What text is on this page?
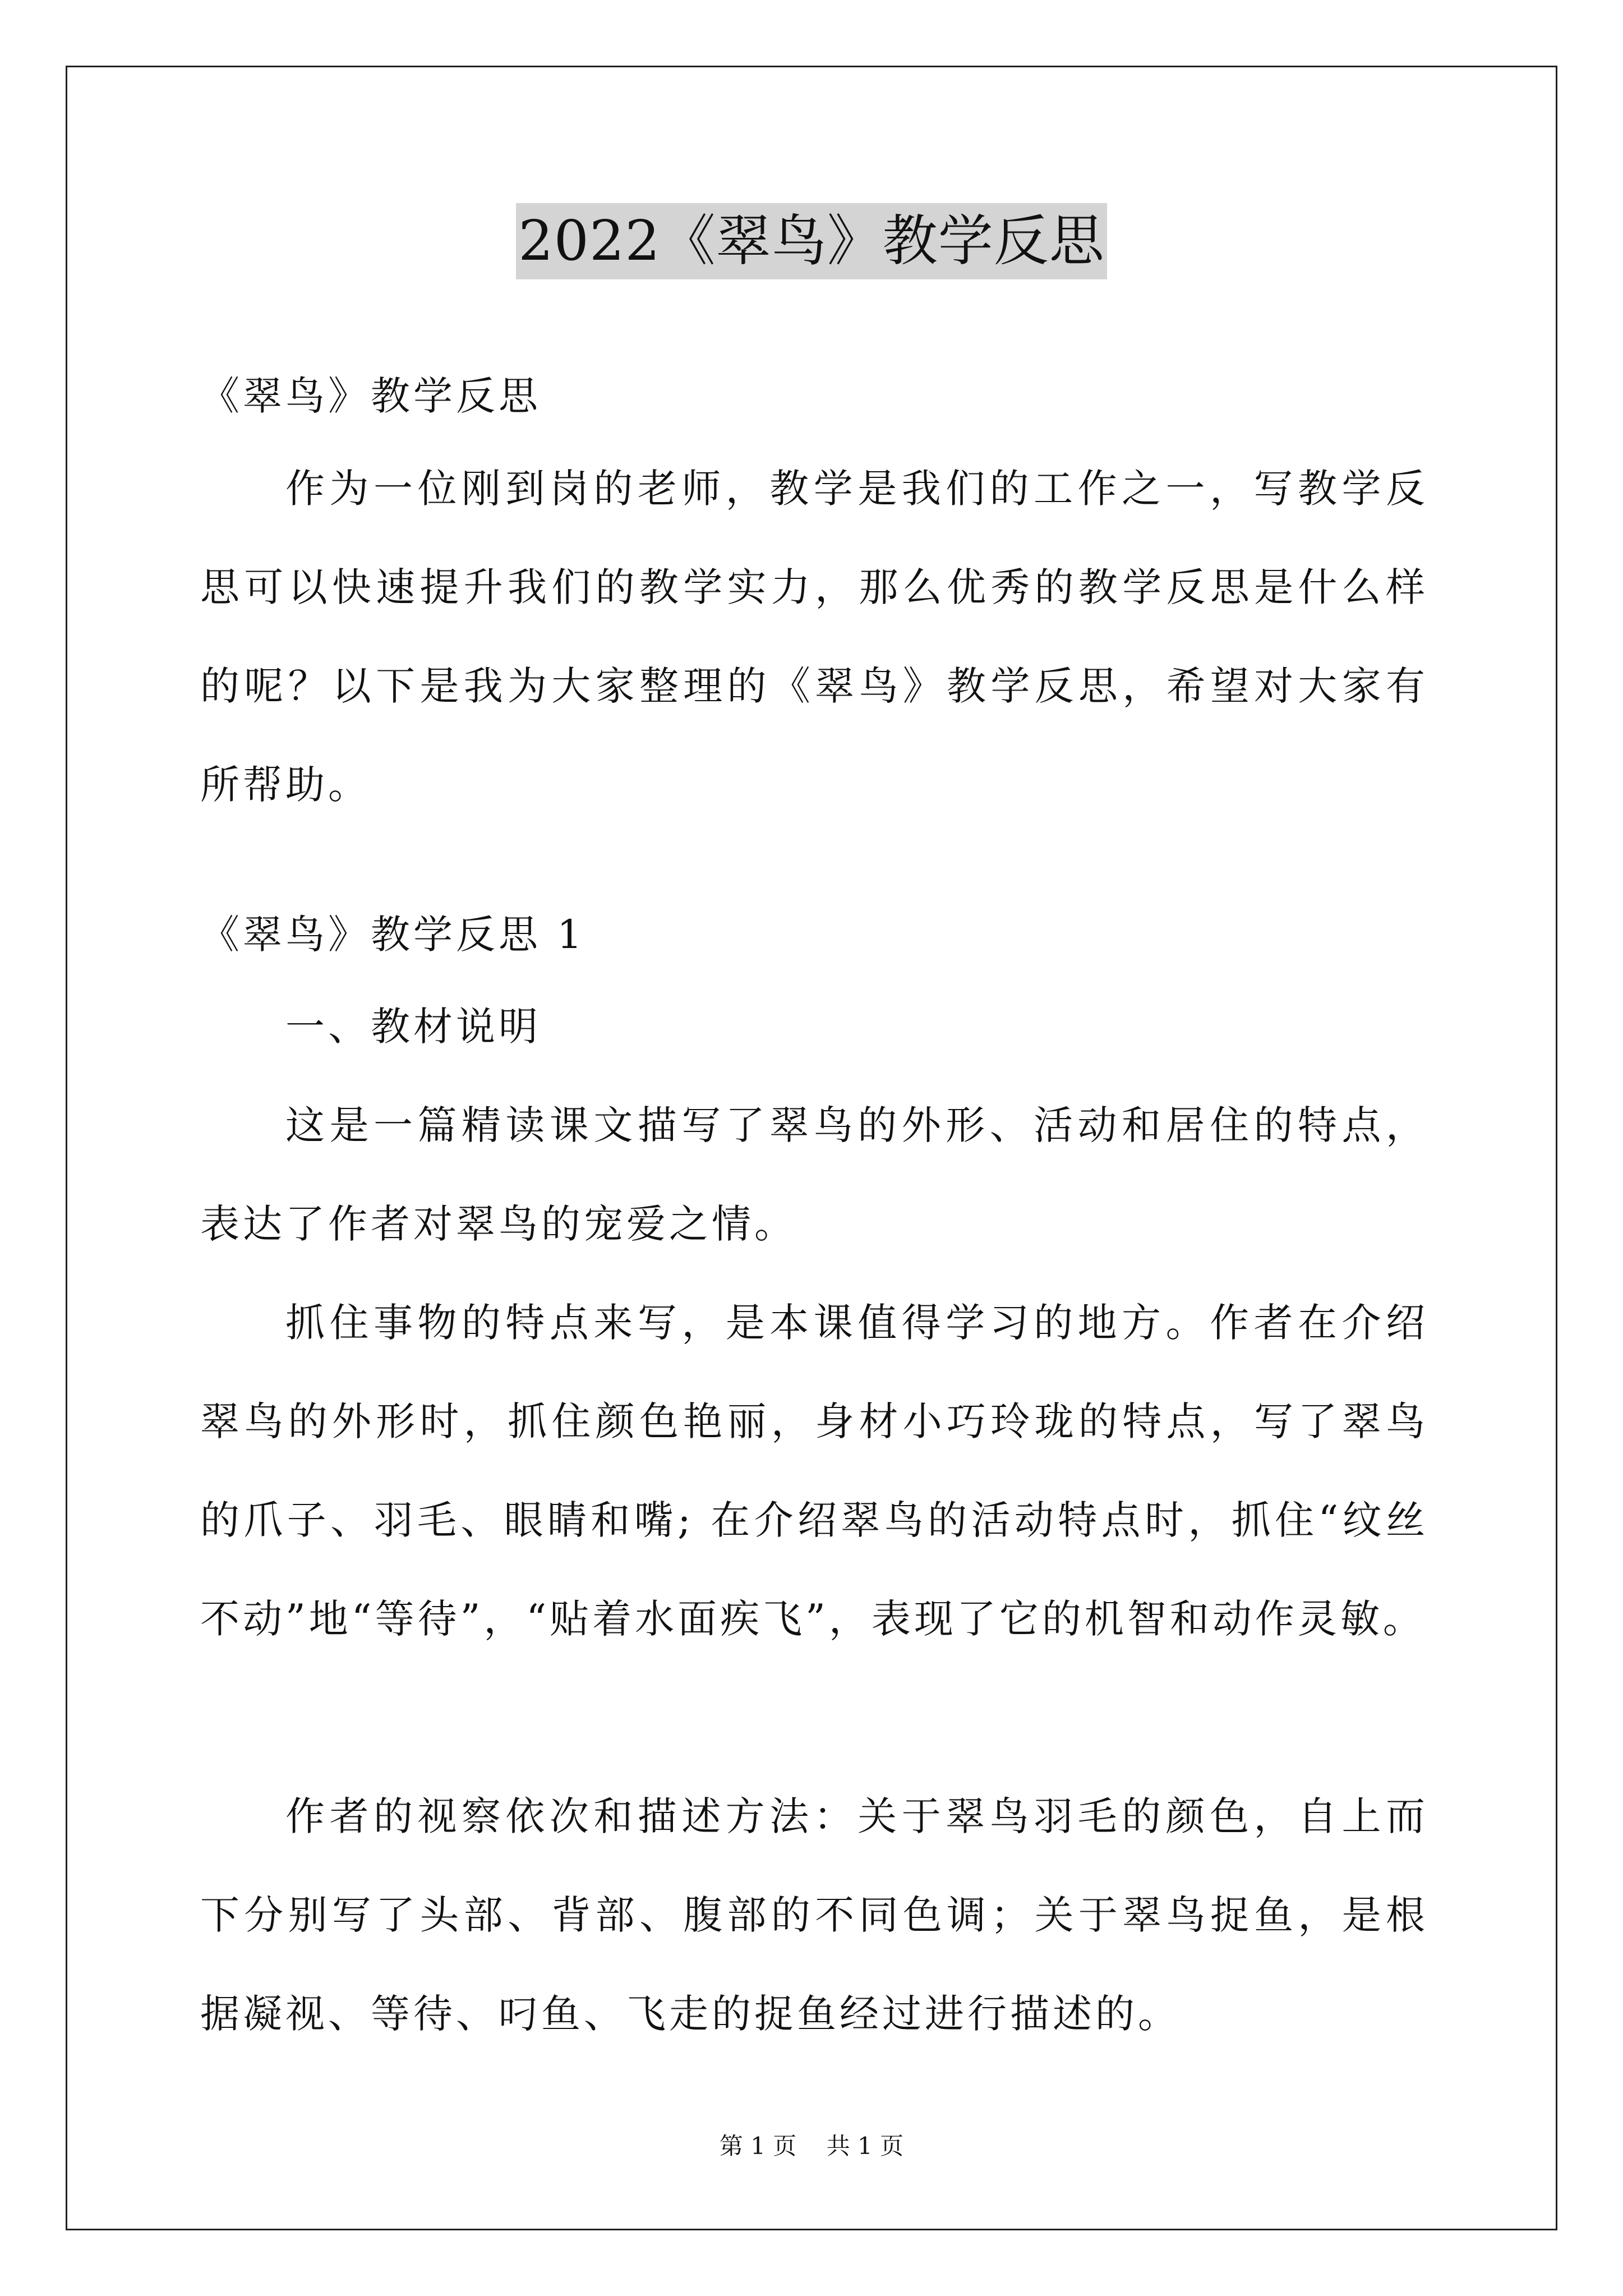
2022《翠鸟》教学反思

《翠鸟》教学反思

作为一位刚到岗的老师，教学是我们的工作之一，写教学反思可以快速提升我们的教学实力，那么优秀的教学反思是什么样的呢？以下是我为大家整理的《翠鸟》教学反思，希望对大家有所帮助。

《翠鸟》教学反思 1

一、教材说明

这是一篇精读课文描写了翠鸟的外形、活动和居住的特点，表达了作者对翠鸟的宠爱之情。

抓住事物的特点来写，是本课值得学习的地方。作者在介绍翠鸟的外形时，抓住颜色艳丽，身材小巧玲珑的特点，写了翠鸟的爪子、羽毛、眼睛和嘴; 在介绍翠鸟的活动特点时，抓住“纹丝不动”地“等待”，“贴着水面疾飞”，表现了它的机智和动作灵敏。

作者的视察依次和描述方法：关于翠鸟羽毛的颜色，自上而下分别写了头部、背部、腹部的不同色调；关于翠鸟捉鱼，是根据凝视、等待、叼鱼、飞走的捉鱼经过进行描述的。

第 1 页    共 1 页
